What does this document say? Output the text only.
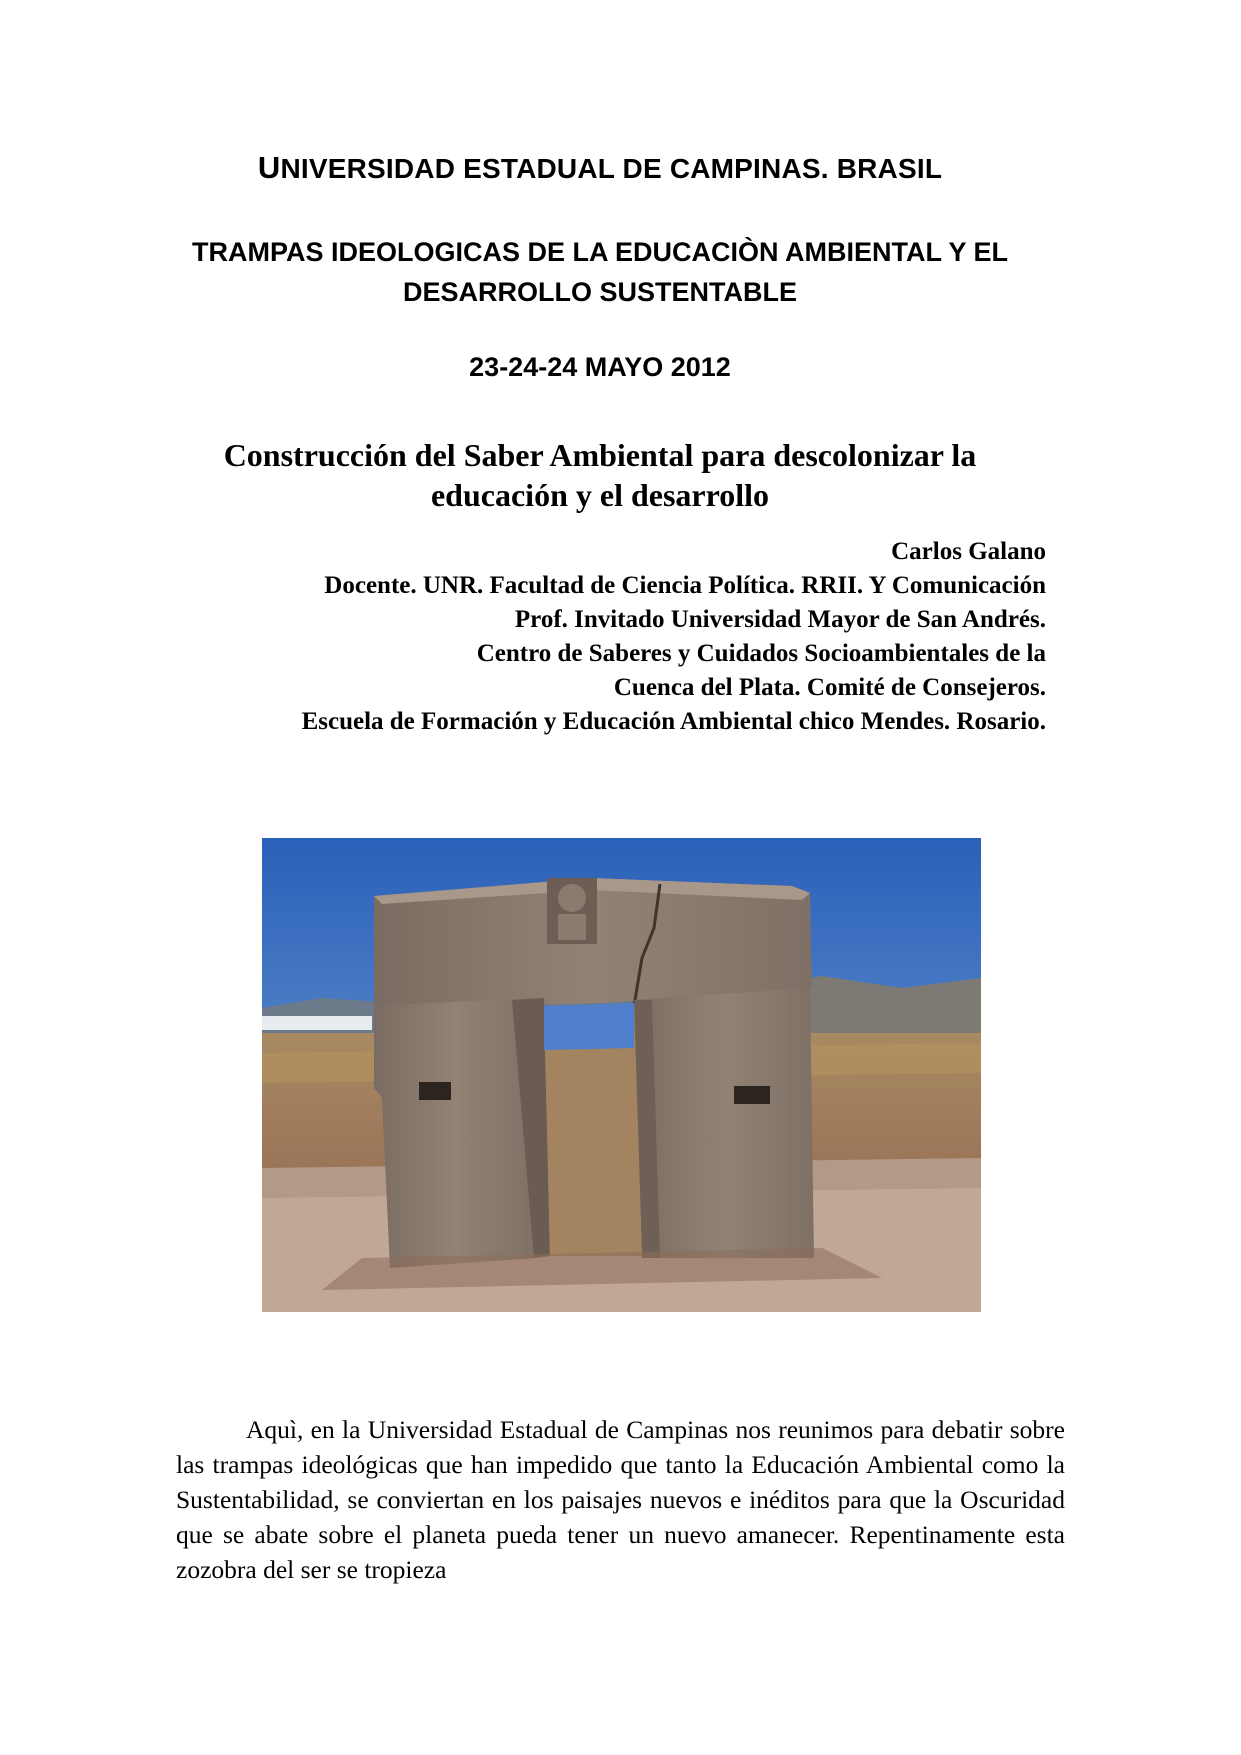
UNIVERSIDAD ESTADUAL DE CAMPINAS. BRASIL
TRAMPAS IDEOLOGICAS DE LA EDUCACIÒN AMBIENTAL Y EL
DESARROLLO SUSTENTABLE
23-24-24 MAYO 2012
Construcción del Saber Ambiental para descolonizar la
educación y el desarrollo
Carlos Galano
Docente. UNR. Facultad de Ciencia Política. RRII. Y Comunicación
Prof. Invitado Universidad Mayor de San Andrés.
Centro de Saberes y Cuidados Socioambientales de la
Cuenca del Plata. Comité de Consejeros.
Escuela de Formación y Educación Ambiental chico Mendes. Rosario.

Aquì, en la Universidad Estadual de Campinas nos reunimos para debatir sobre las trampas ideológicas que han impedido que tanto la Educación Ambiental como la Sustentabilidad, se conviertan en los paisajes nuevos e inéditos para que la Oscuridad que se abate sobre el planeta pueda tener un nuevo amanecer. Repentinamente esta zozobra del ser se tropieza
